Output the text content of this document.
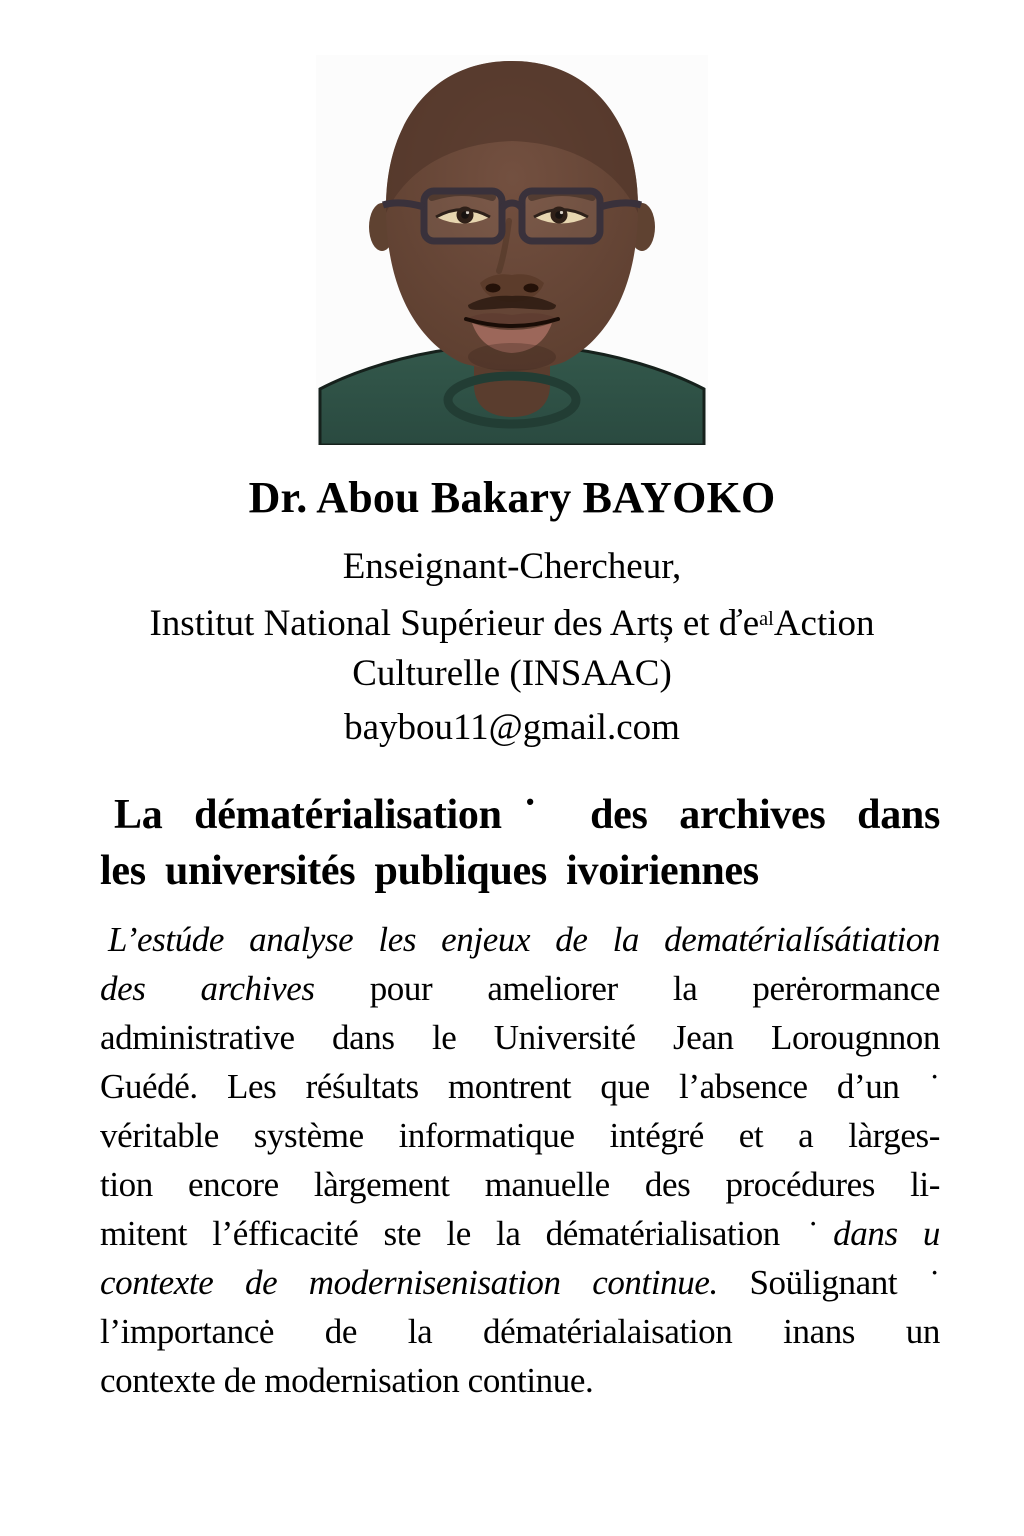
Dr. Abou Bakary BAYOKO
Enseignant-Chercheur,
Institut National Supérieur des Artș et $ďe^{al}Action$
Culturelle (INSAAC)
baybou11@gmail.com
La dématérialisation˙ des archives dans
les universités publiques ivoiriennes
L’estúde analyse les enjeux de la dematérialísátiation
des archives pour ameliorer la perėrormance
administrative dans le Université Jean Lorougnnon
Guédé. Les réśultats montrent que l’absence d’un ˙
véritable système informatique intégré et a làrges-
tion encore làrgement manuelle des procédures li-
mitent l’éfficacité ste le la dématérialisation ˙dans u
contexte de modernisenisation continue. Soülignant ˙
l’importancė de la dématérialaisation inans un
contexte de modernisation continue.
